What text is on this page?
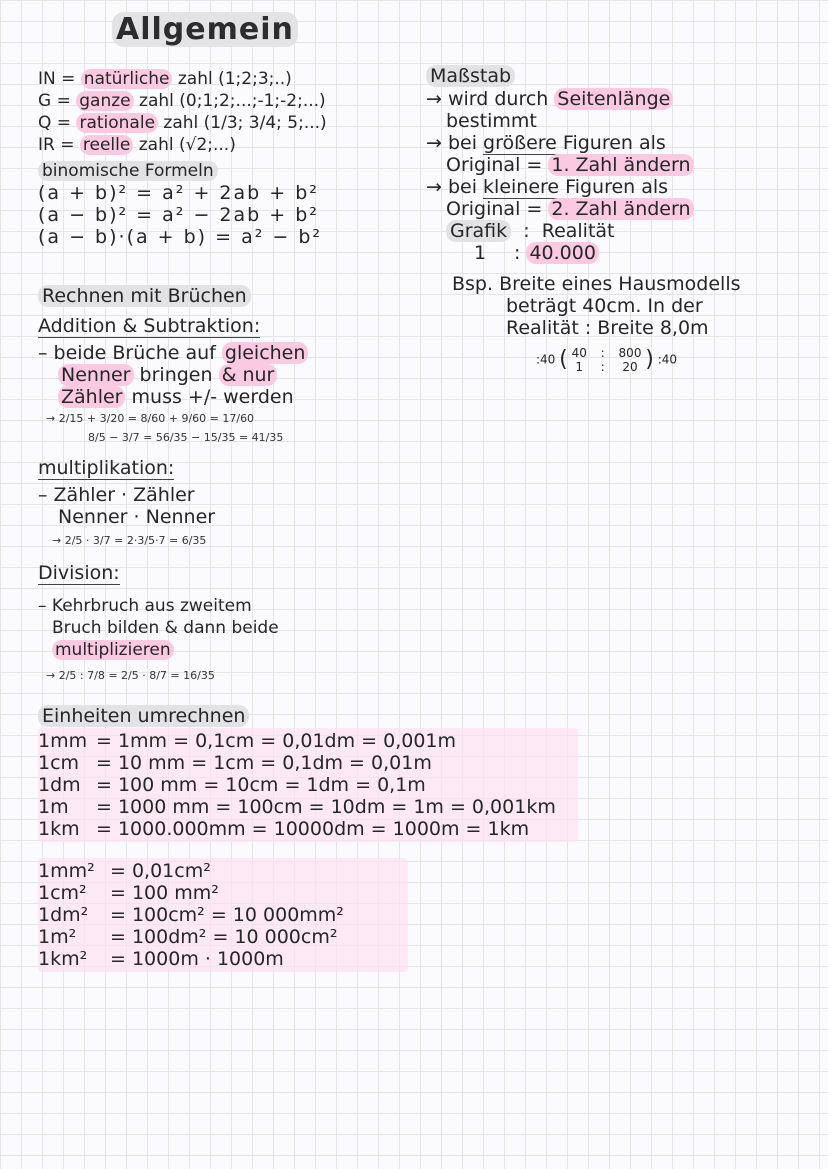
Allgemein
IN = natürliche zahl (1;2;3;..)
G = ganze zahl (0;1;2;...;-1;-2;...)
Q = rationale zahl (1/3; 3/4; 5;...)
IR = reelle zahl (√2;...)
binomische Formeln
(a + b)² = a² + 2ab + b²
(a − b)² = a² − 2ab + b²
(a − b)·(a + b) = a² − b²
Maßstab
→ wird durch Seitenlänge
bestimmt
→ bei größere Figuren als
Original = 1. Zahl ändern
→ bei kleinere Figuren als
Original = 2. Zahl ändern
Grafik  :  Realität
1 : 40.000
Bsp. Breite eines Hausmodells
beträgt 40cm. In der
Realität : Breite 8,0m
:40 ( 40
1
:
:
800
20 ) :40
Rechnen mit Brüchen
Addition & Subtraktion:
– beide Brüche auf gleichen
Nenner bringen & nur
Zähler muss +/- werden
→ 2/15 + 3/20 = 8/60 + 9/60 = 17/60
8/5 − 3/7 = 56/35 − 15/35 = 41/35
multiplikation:
– Zähler · Zähler
Nenner · Nenner
→ 2/5 · 3/7 = 2·3/5·7 = 6/35
Division:
– Kehrbruch aus zweitem
Bruch bilden & dann beide
multiplizieren
→ 2/5 : 7/8 = 2/5 · 8/7 = 16/35
Einheiten umrechnen
1mm = 1mm = 0,1cm = 0,01dm = 0,001m
1cm = 10 mm = 1cm = 0,1dm = 0,01m
1dm = 100 mm = 10cm = 1dm = 0,1m
1m = 1000 mm = 100cm = 10dm = 1m = 0,001km
1km = 1000.000mm = 10000dm = 1000m = 1km
1mm² = 0,01cm²
1cm² = 100 mm²
1dm² = 100cm² = 10 000mm²
1m² = 100dm² = 10 000cm²
1km² = 1000m · 1000m
